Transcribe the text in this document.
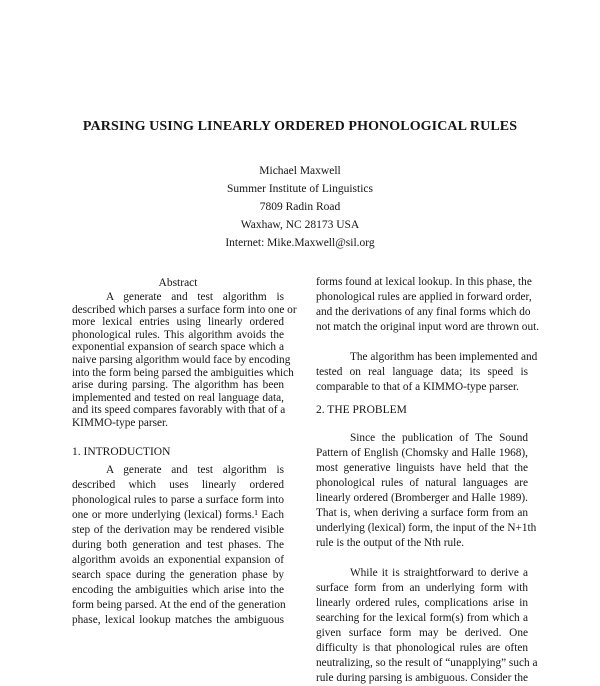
PARSING USING LINEARLY ORDERED PHONOLOGICAL RULES
Michael Maxwell
Summer Institute of Linguistics
7809 Radin Road
Waxhaw, NC 28173 USA
Internet: Mike.Maxwell@sil.org
Abstract
A generate and test algorithm is
described which parses a surface form into one or
more lexical entries using linearly ordered
phonological rules. This algorithm avoids the
exponential expansion of search space which a
naive parsing algorithm would face by encoding
into the form being parsed the ambiguities which
arise during parsing. The algorithm has been
implemented and tested on real language data,
and its speed compares favorably with that of a
KIMMO-type parser.
1. INTRODUCTION
A generate and test algorithm is
described which uses linearly ordered
phonological rules to parse a surface form into
one or more underlying (lexical) forms.¹ Each
step of the derivation may be rendered visible
during both generation and test phases. The
algorithm avoids an exponential expansion of
search space during the generation phase by
encoding the ambiguities which arise into the
form being parsed. At the end of the generation
phase, lexical lookup matches the ambiguous
forms found at lexical lookup. In this phase, the
phonological rules are applied in forward order,
and the derivations of any final forms which do
not match the original input word are thrown out.
The algorithm has been implemented and
tested on real language data; its speed is
comparable to that of a KIMMO-type parser.
2. THE PROBLEM
Since the publication of The Sound
Pattern of English (Chomsky and Halle 1968),
most generative linguists have held that the
phonological rules of natural languages are
linearly ordered (Bromberger and Halle 1989).
That is, when deriving a surface form from an
underlying (lexical) form, the input of the N+1th
rule is the output of the Nth rule.
While it is straightforward to derive a
surface form from an underlying form with
linearly ordered rules, complications arise in
searching for the lexical form(s) from which a
given surface form may be derived. One
difficulty is that phonological rules are often
neutralizing, so the result of “unapplying” such a
rule during parsing is ambiguous. Consider the
